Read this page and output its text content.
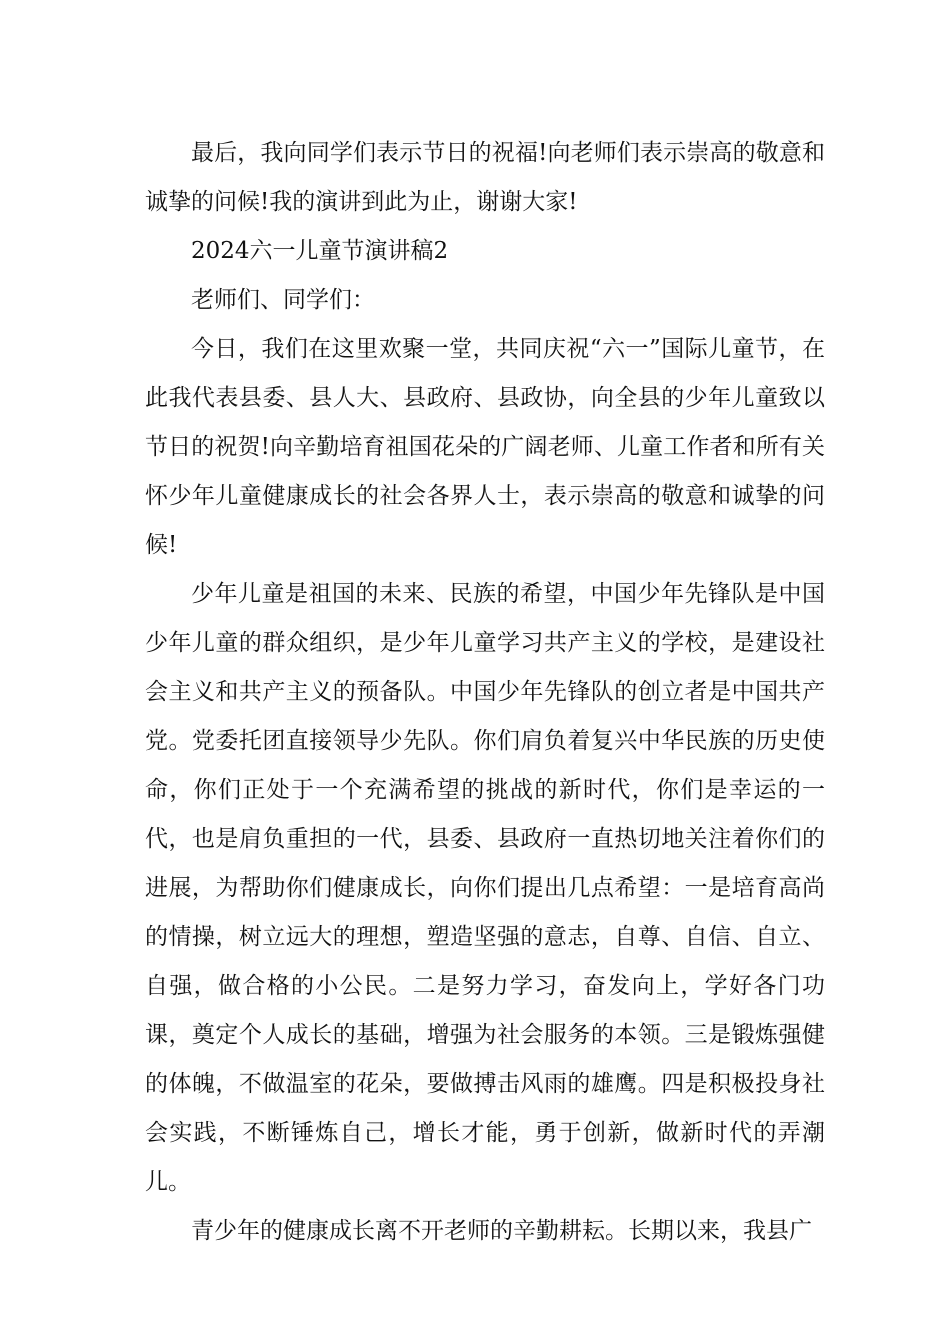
最后，我向同学们表示节日的祝福!向老师们表示崇高的敬意和诚挚的问候!我的演讲到此为止，谢谢大家!

2024六一儿童节演讲稿2

老师们、同学们：

今日，我们在这里欢聚一堂，共同庆祝“六一”国际儿童节，在此我代表县委、县人大、县政府、县政协，向全县的少年儿童致以节日的祝贺!向辛勤培育祖国花朵的广阔老师、儿童工作者和所有关怀少年儿童健康成长的社会各界人士，表示崇高的敬意和诚挚的问候!

少年儿童是祖国的未来、民族的希望，中国少年先锋队是中国少年儿童的群众组织，是少年儿童学习共产主义的学校，是建设社会主义和共产主义的预备队。中国少年先锋队的创立者是中国共产党。党委托团直接领导少先队。你们肩负着复兴中华民族的历史使命，你们正处于一个充满希望的挑战的新时代，你们是幸运的一代，也是肩负重担的一代，县委、县政府一直热切地关注着你们的进展，为帮助你们健康成长，向你们提出几点希望：一是培育高尚的情操，树立远大的理想，塑造坚强的意志，自尊、自信、自立、自强，做合格的小公民。二是努力学习，奋发向上，学好各门功课，奠定个人成长的基础，增强为社会服务的本领。三是锻炼强健的体魄，不做温室的花朵，要做搏击风雨的雄鹰。四是积极投身社会实践，不断锤炼自己，增长才能，勇于创新，做新时代的弄潮儿。

青少年的健康成长离不开老师的辛勤耕耘。长期以来，我县广
